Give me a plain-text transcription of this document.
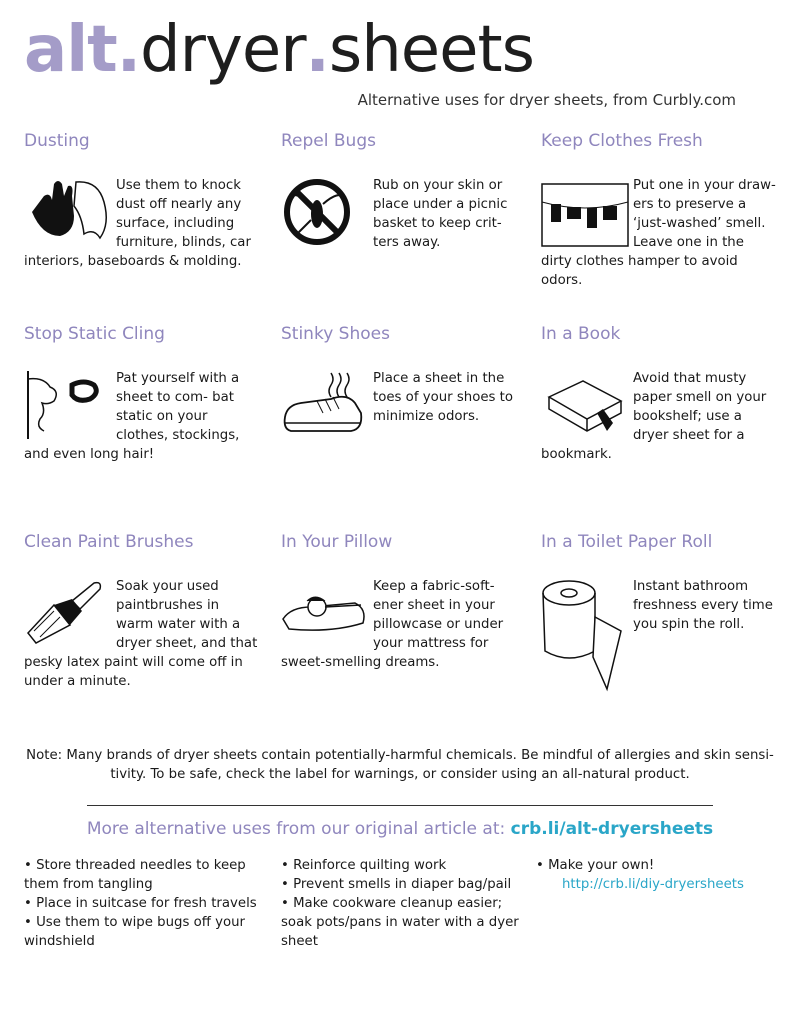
alt.dryer.sheets
Alternative uses for dryer sheets, from Curbly.com
Dusting
Use them to knock dust off nearly any surface, including furniture, blinds, car interiors, baseboards & molding.
Repel Bugs
Rub on your skin or place under a picnic basket to keep crit- ters away.
Keep Clothes Fresh
Put one in your draw- ers to preserve a ‘just-washed’ smell. Leave one in the dirty clothes hamper to avoid odors.
Stop Static Cling
Pat yourself with a sheet to com- bat static on your clothes, stockings, and even long hair!
Stinky Shoes
Place a sheet in the toes of your shoes to minimize odors.
In a Book
Avoid that musty paper smell on your bookshelf; use a dryer sheet for a bookmark.
Clean Paint Brushes
Soak your used paintbrushes in warm water with a dryer sheet, and that pesky latex paint will come off in under a minute.
In Your Pillow
Keep a fabric-soft- ener sheet in your pillowcase or under your mattress for sweet-smelling dreams.
In a Toilet Paper Roll
Instant bathroom freshness every time you spin the roll.
Note: Many brands of dryer sheets contain potentially-harmful chemicals. Be mindful of allergies and skin sensi- tivity. To be safe, check the label for warnings, or consider using an all-natural product.
More alternative uses from our original article at: crb.li/alt-dryersheets
• Store threaded needles to keep them from tangling
• Place in suitcase for fresh travels
• Use them to wipe bugs off your windshield
• Reinforce quilting work
• Prevent smells in diaper bag/pail
• Make cookware cleanup easier; soak pots/pans in water with a dyer sheet
• Make your own!
http://crb.li/diy-dryersheets
